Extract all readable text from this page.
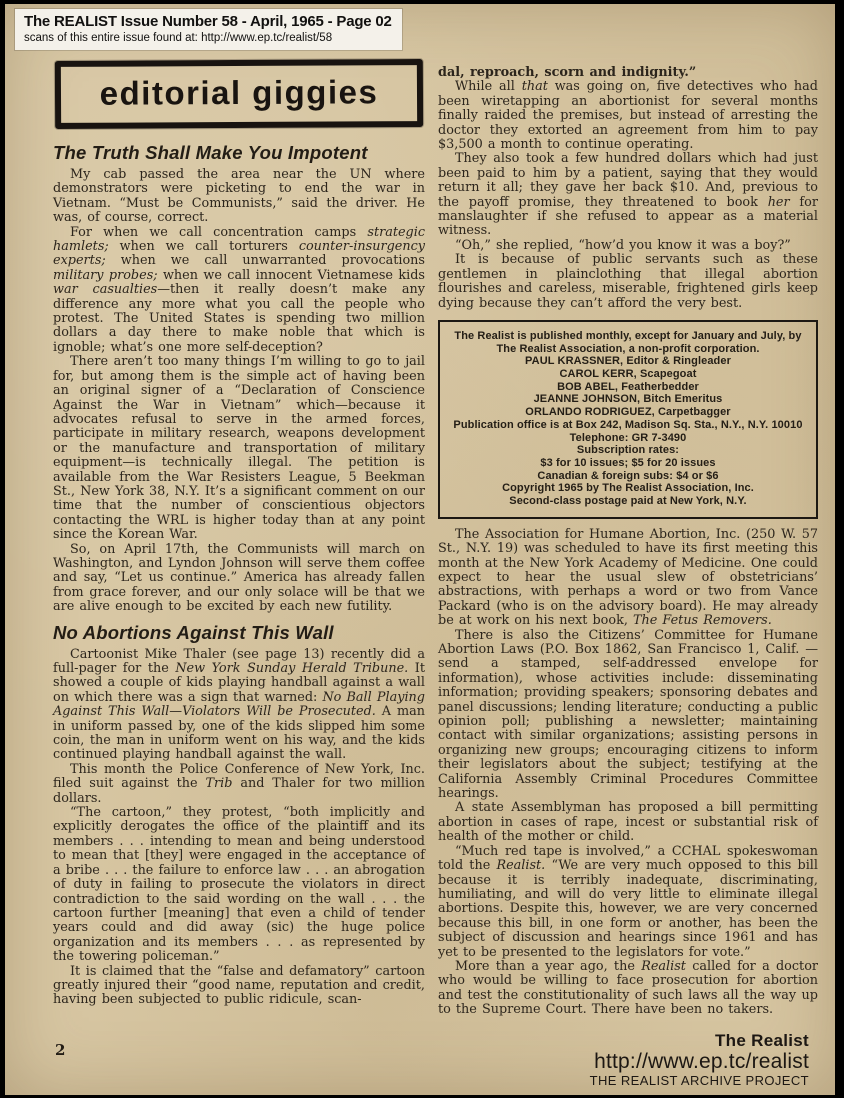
editorial giggies
The Truth Shall Make You Impotent

My cab passed the area near the UN where demonstrators were picketing to end the war in Vietnam. “Must be Communists,” said the driver. He was, of course, correct.

For when we call concentration camps strategic hamlets; when we call torturers counter-insurgency experts; when we call unwarranted provocations military probes; when we call innocent Vietnamese kids war casualties—then it really doesn’t make any difference any more what you call the people who protest. The United States is spending two million dollars a day there to make noble that which is ignoble; what’s one more self-deception?

There aren’t too many things I’m willing to go to jail for, but among them is the simple act of having been an original signer of a “Declaration of Conscience Against the War in Vietnam” which—because it advocates refusal to serve in the armed forces, participate in military research, weapons development or the manufacture and transportation of military equipment—is technically illegal. The petition is available from the War Resisters League, 5 Beekman St., New York 38, N.Y. It’s a significant comment on our time that the number of conscientious objectors contacting the WRL is higher today than at any point since the Korean War.

So, on April 17th, the Communists will march on Washington, and Lyndon Johnson will serve them coffee and say, “Let us continue.” America has already fallen from grace forever, and our only solace will be that we are alive enough to be excited by each new futility.

No Abortions Against This Wall

Cartoonist Mike Thaler (see page 13) recently did a full-pager for the New York Sunday Herald Tribune. It showed a couple of kids playing handball against a wall on which there was a sign that warned: No Ball Playing Against This Wall—Violators Will be Prosecuted. A man in uniform passed by, one of the kids slipped him some coin, the man in uniform went on his way, and the kids continued playing handball against the wall.

This month the Police Conference of New York, Inc. filed suit against the Trib and Thaler for two million dollars.

“The cartoon,” they protest, “both implicitly and explicitly derogates the office of the plaintiff and its members . . . intending to mean and being understood to mean that [they] were engaged in the acceptance of a bribe . . . the failure to enforce law . . . an abrogation of duty in failing to prosecute the violators in direct contradiction to the said wording on the wall . . . the cartoon further [meaning] that even a child of tender years could and did away (sic) the huge police organization and its members . . . as represented by the towering policeman.”

It is claimed that the “false and defamatory” cartoon greatly injured their “good name, reputation and credit, having been subjected to public ridicule, scan-

dal, reproach, scorn and indignity.”

While all that was going on, five detectives who had been wiretapping an abortionist for several months finally raided the premises, but instead of arresting the doctor they extorted an agreement from him to pay $3,500 a month to continue operating.

They also took a few hundred dollars which had just been paid to him by a patient, saying that they would return it all; they gave her back $10. And, previous to the payoff promise, they threatened to book her for manslaughter if she refused to appear as a material witness.

“Oh,” she replied, “how’d you know it was a boy?”

It is because of public servants such as these gentlemen in plainclothing that illegal abortion flourishes and careless, miserable, frightened girls keep dying because they can’t afford the very best.

The Realist is published monthly, except for January and July, by
The Realist Association, a non-profit corporation.
PAUL KRASSNER, Editor & Ringleader
CAROL KERR, Scapegoat
BOB ABEL, Featherbedder
JEANNE JOHNSON, Bitch Emeritus
ORLANDO RODRIGUEZ, Carpetbagger
Publication office is at Box 242, Madison Sq. Sta., N.Y., N.Y. 10010
Telephone: GR 7-3490
Subscription rates:
$3 for 10 issues; $5 for 20 issues
Canadian & foreign subs: $4 or $6
Copyright 1965 by The Realist Association, Inc.
Second-class postage paid at New York, N.Y.

The Association for Humane Abortion, Inc. (250 W. 57 St., N.Y. 19) was scheduled to have its first meeting this month at the New York Academy of Medicine. One could expect to hear the usual slew of obstetricians’ abstractions, with perhaps a word or two from Vance Packard (who is on the advisory board). He may already be at work on his next book, The Fetus Removers.

There is also the Citizens’ Committee for Humane Abortion Laws (P.O. Box 1862, San Francisco 1, Calif. —send a stamped, self-addressed envelope for information), whose activities include: disseminating information; providing speakers; sponsoring debates and panel discussions; lending literature; conducting a public opinion poll; publishing a newsletter; maintaining contact with similar organizations; assisting persons in organizing new groups; encouraging citizens to inform their legislators about the subject; testifying at the California Assembly Criminal Procedures Committee hearings.

A state Assemblyman has proposed a bill permitting abortion in cases of rape, incest or substantial risk of health of the mother or child.

“Much red tape is involved,” a CCHAL spokeswoman told the Realist. “We are very much opposed to this bill because it is terribly inadequate, discriminating, humiliating, and will do very little to eliminate illegal abortions. Despite this, however, we are very concerned because this bill, in one form or another, has been the subject of discussion and hearings since 1961 and has yet to be presented to the legislators for vote.”

More than a year ago, the Realist called for a doctor who would be willing to face prosecution for abortion and test the constitutionality of such laws all the way up to the Supreme Court. There have been no takers.

The REALIST Issue Number 58 - April, 1965 - Page 02
scans of this entire issue found at: http://www.ep.tc/realist/58
2	The Realist
http://www.ep.tc/realist
THE REALIST ARCHIVE PROJECT
